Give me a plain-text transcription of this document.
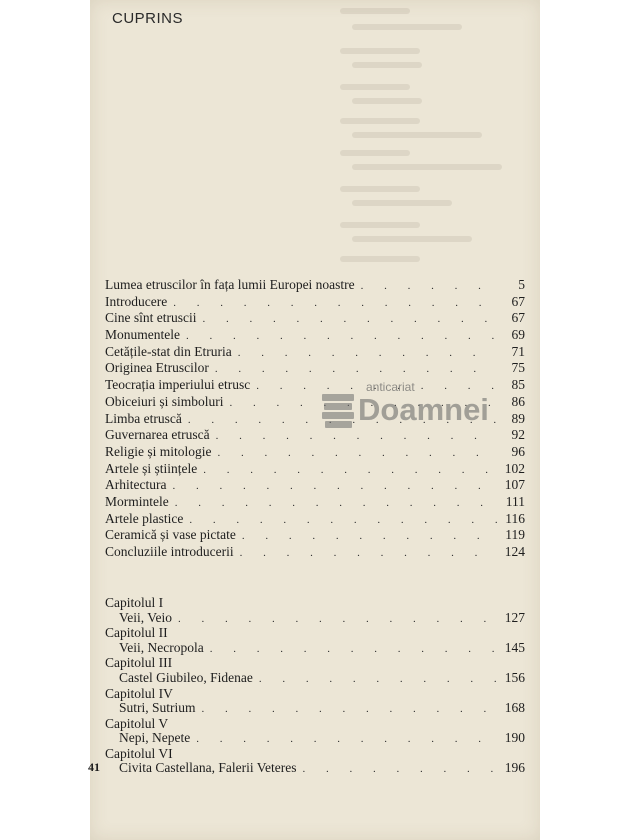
CUPRINS
Lumea etruscilor în fața lumii Europei noastre . . .	5
Introducere . . .	67
Cine sînt etruscii . . .	67
Monumentele . . .	69
Cetățile-stat din Etruria . . .	71
Originea Etruscilor . . .	75
Teocrația imperiului etrusc . . .	85
Obiceiuri și simboluri . . .	86
Limba etruscă . . .	89
Guvernarea etruscă . . .	92
Religie și mitologie . . .	96
Artele și științele . . .	102
Arhitectura . . .	107
Mormintele . . .	111
Artele plastice . . .	116
Ceramică și vase pictate . . .	119
Concluziile introducerii . . .	124
Capitolul I
Veii, Veio . . .	127
Capitolul II
Veii, Necropola . . .	145
Capitolul III
Castel Giubileo, Fidenae . . .	156
Capitolul IV
Sutri, Sutrium . . .	168
Capitolul V
Nepi, Nepete . . .	190
Capitolul VI
Civita Castellana, Falerii Veteres . . .	196
anticariat
Doamnei
41
